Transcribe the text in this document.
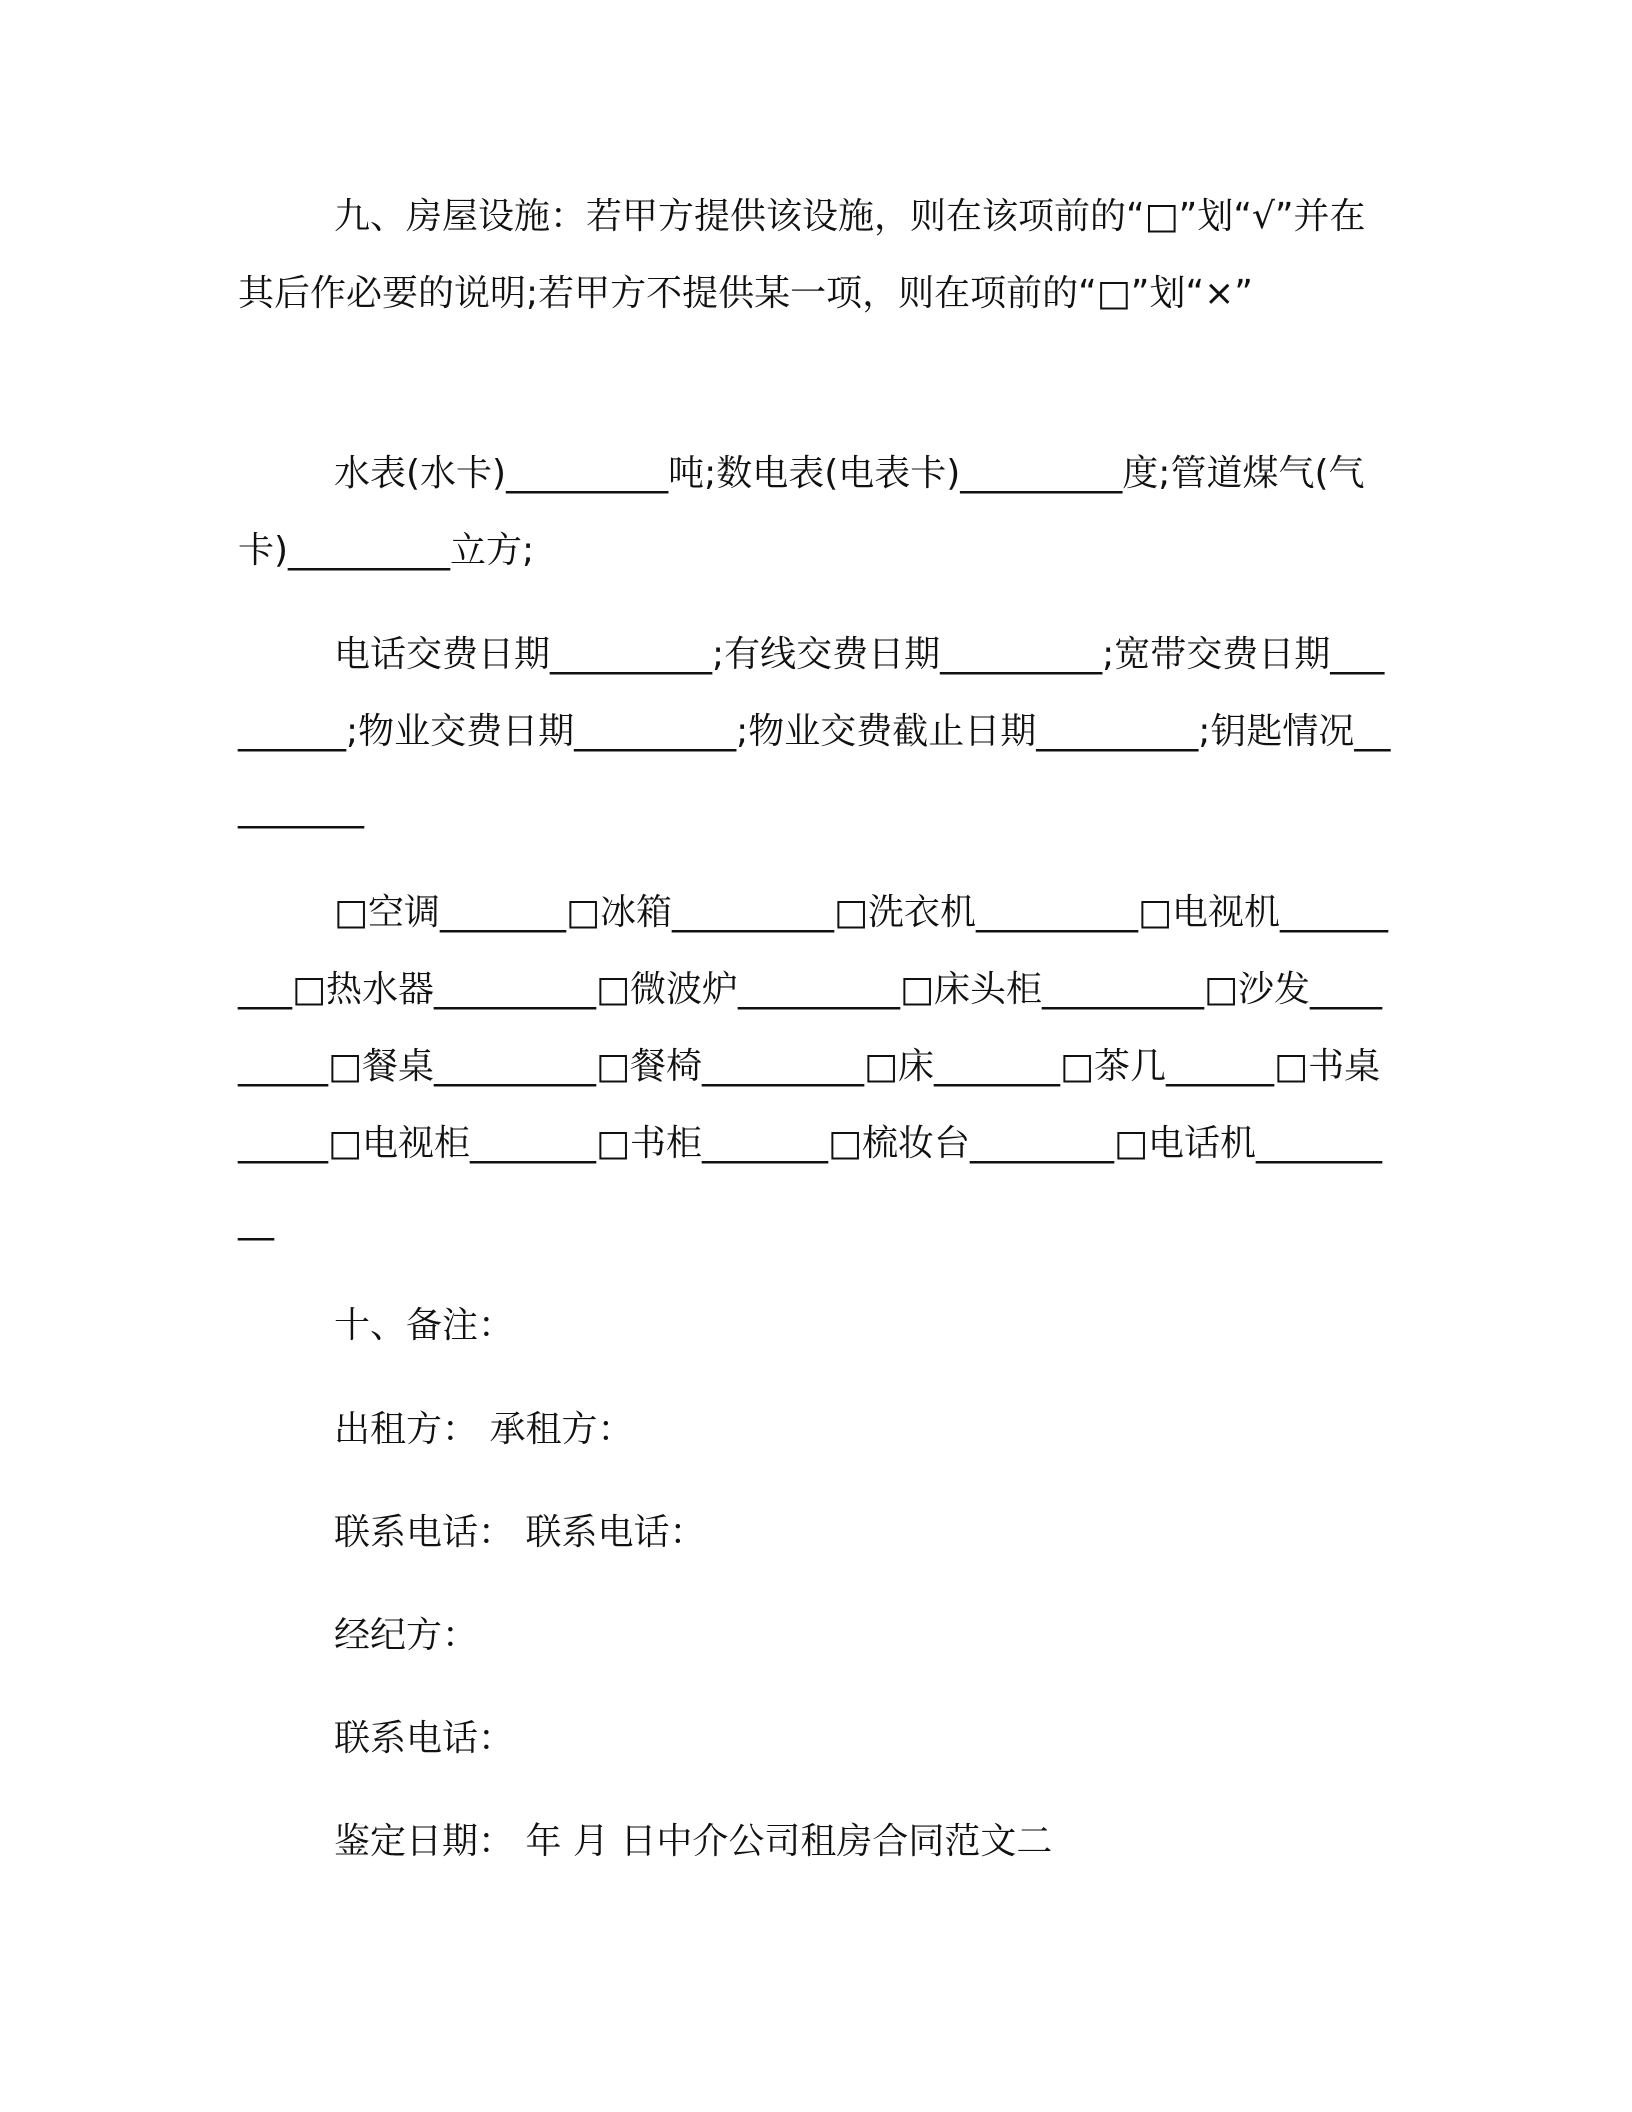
九、房屋设施：若甲方提供该设施，则在该项前的“□”划“√”并在其后作必要的说明;若甲方不提供某一项，则在项前的“□”划“×”

水表(水卡)_________吨;数电表(电表卡)_________度;管道煤气(气卡)_________立方;

电话交费日期_________;有线交费日期_________;宽带交费日期_________;物业交费日期_________;物业交费截止日期_________;钥匙情况_________

□空调_______□冰箱_________□洗衣机_________□电视机_________□热水器_________□微波炉_________□床头柜_________□沙发_________□餐桌_________□餐椅_________□床_______□茶几______□书桌_____□电视柜_______□书柜_______□梳妆台________□电话机_________

十、备注：

出租方： 承租方：

联系电话： 联系电话：

经纪方：

联系电话：

鉴定日期： 年 月 日中介公司租房合同范文二
